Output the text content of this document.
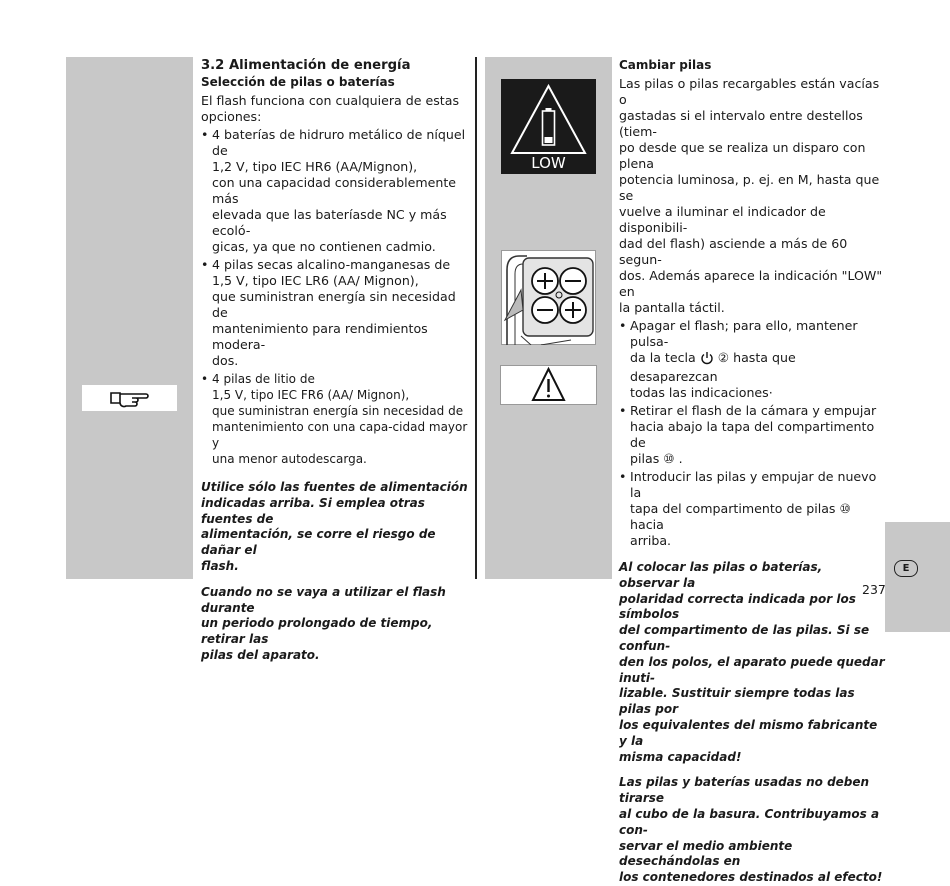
LOW

3.2 Alimentación de energía

Selección de pilas o baterías

El flash funciona con cualquiera de estas opciones:

• 4 baterías de hidruro metálico de níquel de
1,2 V, tipo IEC HR6 (AA/Mignon),
con una capacidad considerablemente más
elevada que las bateríasde NC y más ecoló-
gicas, ya que no contienen cadmio.
• 4 pilas secas alcalino-manganesas de
1,5 V, tipo IEC LR6 (AA/ Mignon),
que suministran energía sin necesidad de
mantenimiento para rendimientos moderа-
dos.
• 4 pilas de litio de
1,5 V, tipo IEC FR6 (AA/ Mignon),
que suministran energía sin necesidad de
mantenimiento con una capa-cidad mayor y
una menor autodescarga.
Utilice sólo las fuentes de alimentación
indicadas arriba. Si emplea otras fuentes de
alimentación, se corre el riesgo de dañar el
flash.
Cuando no se vaya a utilizar el flash durante
un periodo prolongado de tiempo, retirar las
pilas del aparato.

Cambiar pilas

Las pilas o pilas recargables están vacías o
gastadas si el intervalo entre destellos (tiem-
po desde que se realiza un disparo con plena
potencia luminosa, p. ej. en M, hasta que se
vuelve a iluminar el indicador de disponibili-
dad del flash) asciende a más de 60 segun-
dos. Además aparece la indicación "LOW" en
la pantalla táctil.
• Apagar el flash; para ello, mantener pulsa-
da la tecla ② hasta que desaparezcan
todas las indicaciones·
• Retirar el flash de la cámara y empujar
hacia abajo la tapa del compartimento de
pilas ⑩ .
• Introducir las pilas y empujar de nuevo la
tapa del compartimento de pilas ⑩ hacia
arriba.
Al colocar las pilas o baterías, observar la
polaridad correcta indicada por los símbolos
del compartimento de las pilas. Si se confun-
den los polos, el aparato puede quedar inuti-
lizable. Sustituir siempre todas las pilas por
los equivalentes del mismo fabricante y la
misma capacidad!
Las pilas y baterías usadas no deben tirarse
al cubo de la basura. Contribuyamos a con-
servar el medio ambiente desechándolas en
los contenedores destinados al efecto!
E
237
